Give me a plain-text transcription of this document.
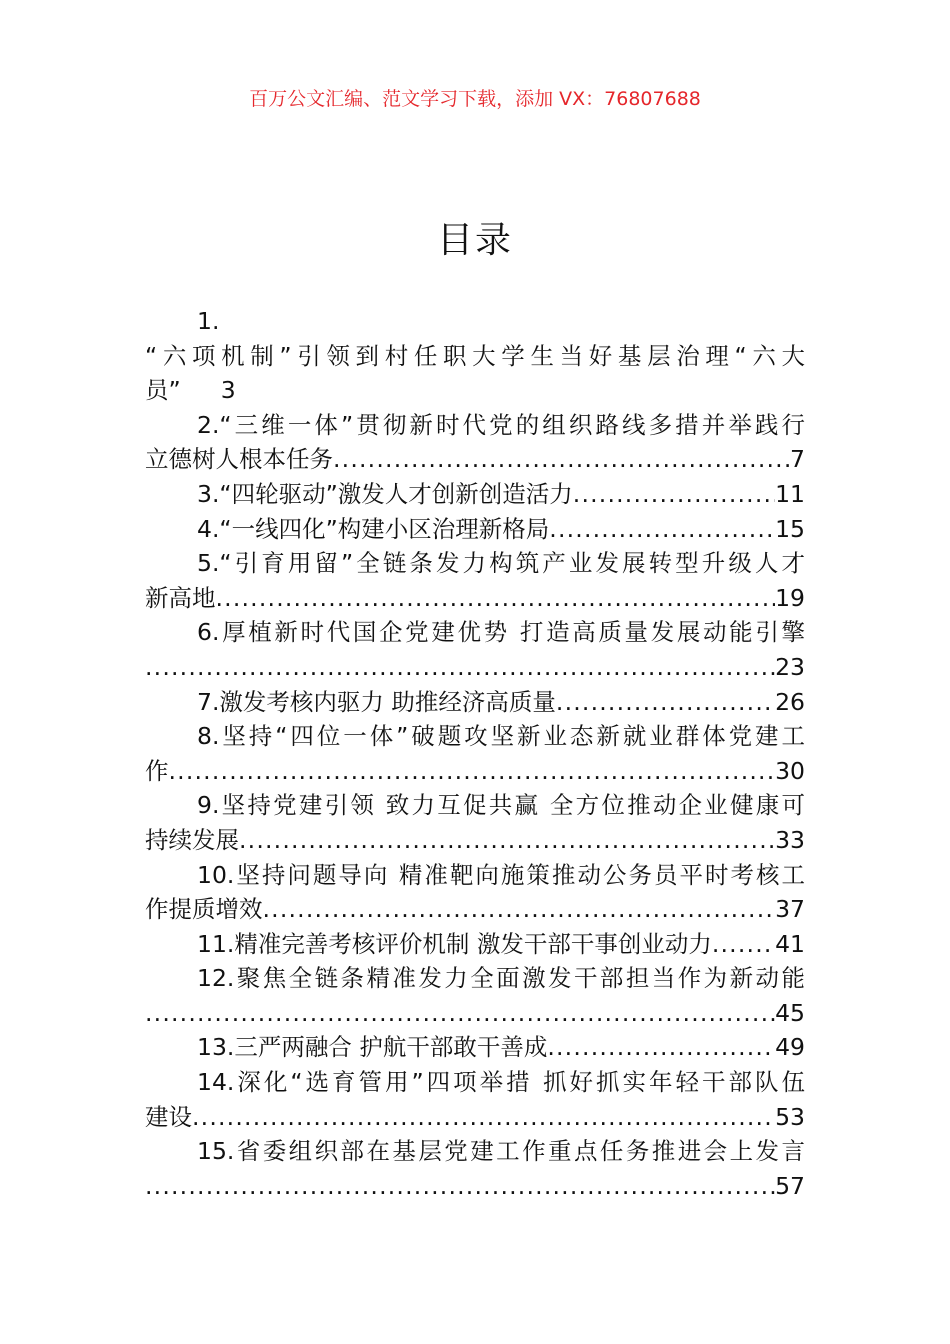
百万公文汇编、范文学习下载，添加 VX：76807688
目录
1.
“六项机制”引领到村任职大学生当好基层治理“六大
员” 3
2.“三维一体”贯彻新时代党的组织路线多措并举践行
立德树人根本任务 .....	7
3.“四轮驱动”激发人才创新创造活力 .....	11
4.“一线四化”构建小区治理新格局 .....	15
5.“引育用留”全链条发力构筑产业发展转型升级人才
新高地 .....	19
6.厚植新时代国企党建优势 打造高质量发展动能引擎
.....
23
7.激发考核内驱力 助推经济高质量 .....	26
8.坚持“四位一体”破题攻坚新业态新就业群体党建工
作 .....	30
9.坚持党建引领 致力互促共赢 全方位推动企业健康可
持续发展 .....	33
10.坚持问题导向 精准靶向施策推动公务员平时考核工
作提质增效 .....	37
11.精准完善考核评价机制 激发干部干事创业动力 .....	41
12.聚焦全链条精准发力全面激发干部担当作为新动能
.....
45
13.三严两融合 护航干部敢干善成 .....	49
14.深化“选育管用”四项举措 抓好抓实年轻干部队伍
建设 .....	53
15.省委组织部在基层党建工作重点任务推进会上发言
.....
57
